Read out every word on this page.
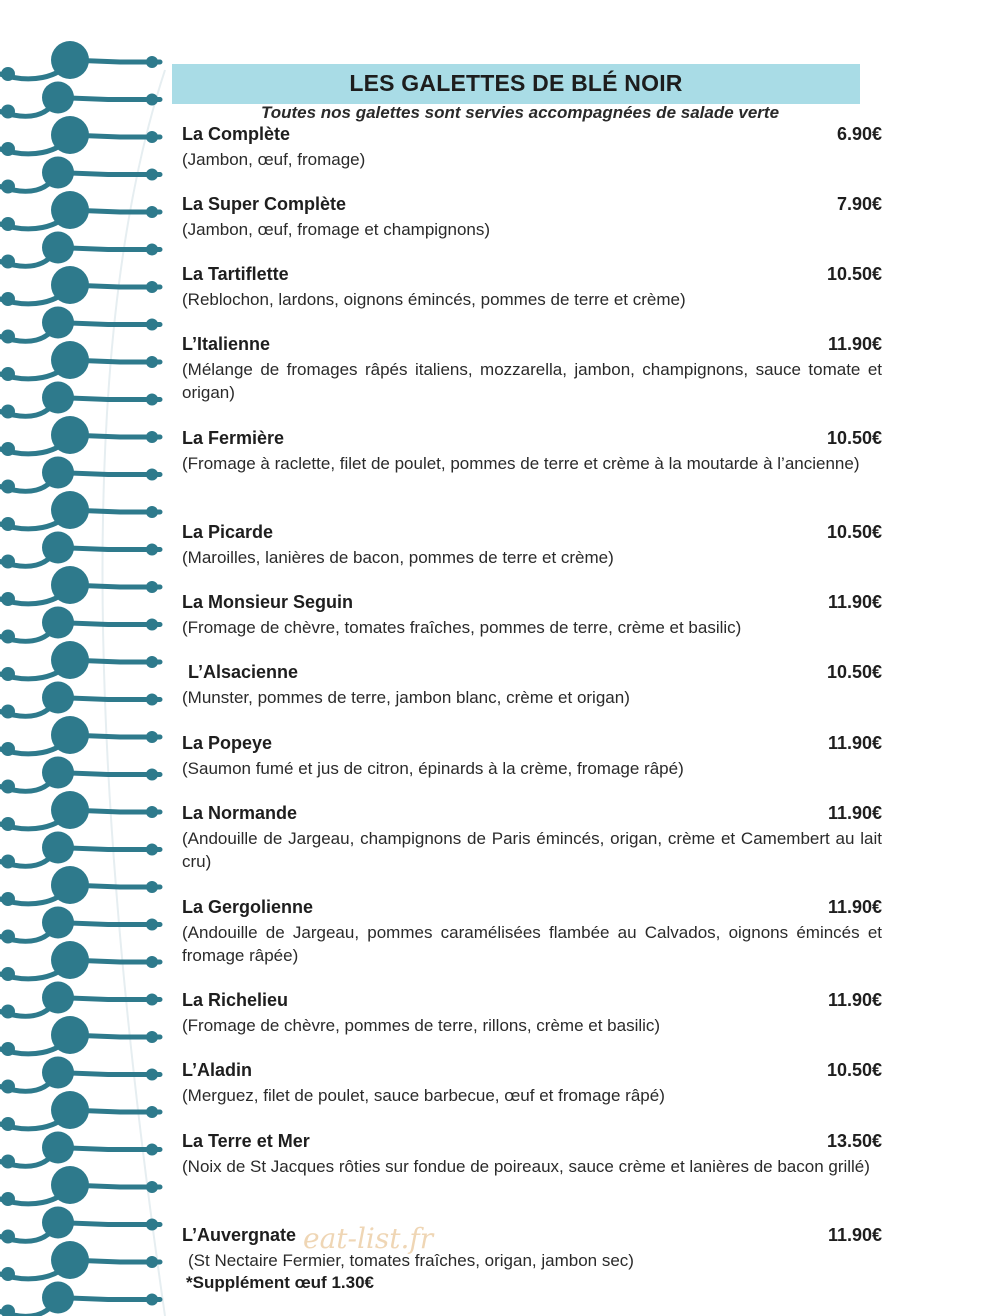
LES GALETTES DE BLÉ NOIR
Toutes nos galettes sont servies accompagnées de salade verte
La Complète	6.90€
(Jambon, œuf, fromage)
La Super Complète	7.90€
(Jambon, œuf, fromage et champignons)
La Tartiflette	10.50€
(Reblochon, lardons, oignons émincés, pommes de terre et crème)
L’Italienne	11.90€
(Mélange de fromages râpés italiens, mozzarella, jambon, champignons, sauce tomate et origan)
La Fermière	10.50€
(Fromage à raclette, filet de poulet, pommes de terre et crème à la moutarde à l’ancienne)
La Picarde	10.50€
(Maroilles, lanières de bacon, pommes de terre et crème)
La Monsieur Seguin	11.90€
(Fromage de chèvre, tomates fraîches, pommes de terre, crème et basilic)
L’Alsacienne	10.50€
(Munster, pommes de terre, jambon blanc, crème et origan)
La Popeye	11.90€
(Saumon fumé et jus de citron, épinards à la crème, fromage râpé)
La Normande	11.90€
(Andouille de Jargeau, champignons de Paris émincés, origan, crème et Camembert au lait cru)
La Gergolienne	11.90€
(Andouille de Jargeau, pommes caramélisées flambée au Calvados, oignons émincés et fromage râpée)
La Richelieu	11.90€
(Fromage de chèvre, pommes de terre, rillons, crème et basilic)
L’Aladin	10.50€
(Merguez, filet de poulet, sauce barbecue, œuf et fromage râpé)
La Terre et Mer	13.50€
(Noix de St Jacques rôties sur fondue de poireaux, sauce crème et lanières de bacon grillé)
L’Auvergnate	11.90€
(St Nectaire Fermier, tomates fraîches, origan, jambon sec)
eat-list.fr
*Supplément œuf 1.30€
